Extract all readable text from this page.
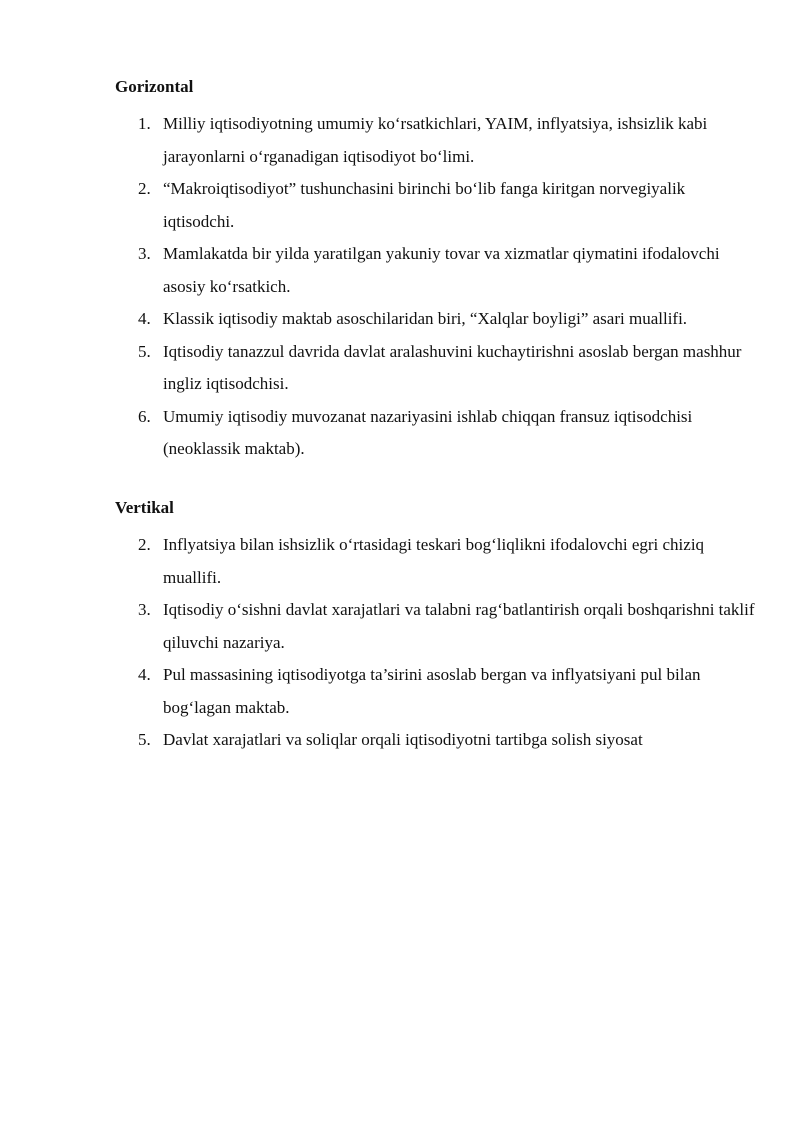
Gorizontal
1. Milliy iqtisodiyotning umumiy ko‘rsatkichlari, YAIM, inflyatsiya, ishsizlik kabi jarayonlarni o‘rganadigan iqtisodiyot bo‘limi.
2. “Makroiqtisodiyot” tushunchasini birinchi bo‘lib fanga kiritgan norvegiyalik iqtisodchi.
3. Mamlakatda bir yilda yaratilgan yakuniy tovar va xizmatlar qiymatini ifodalovchi asosiy ko‘rsatkich.
4. Klassik iqtisodiy maktab asoschilaridan biri, “Xalqlar boyligi” asari muallifi.
5. Iqtisodiy tanazzul davrida davlat aralashuvini kuchaytirishni asoslab bergan mashhur ingliz iqtisodchisi.
6. Umumiy iqtisodiy muvozanat nazariyasini ishlab chiqqan fransuz iqtisodchisi (neoklassik maktab).
Vertikal
2. Inflyatsiya bilan ishsizlik o‘rtasidagi teskari bog‘liqlikni ifodalovchi egri chiziq muallifi.
3. Iqtisodiy o‘sishni davlat xarajatlari va talabni rag‘batlantirish orqali boshqarishni taklif qiluvchi nazariya.
4. Pul massasining iqtisodiyotga ta’sirini asoslab bergan va inflyatsiyani pul bilan bog‘lagan maktab.
5. Davlat xarajatlari va soliqlar orqali iqtisodiyotni tartibga solish siyosat
